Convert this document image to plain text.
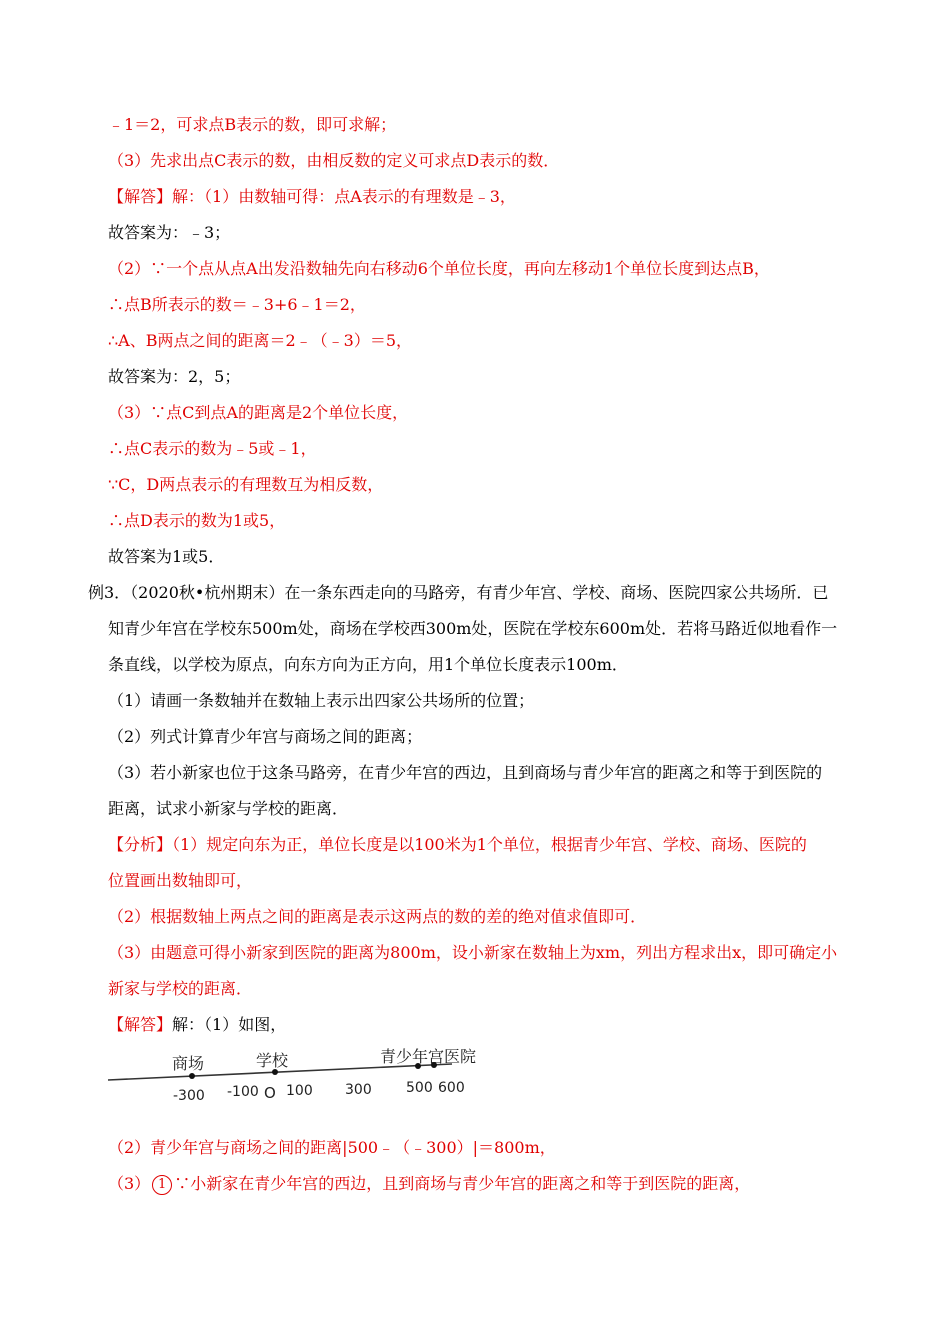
﹣1＝2，可求点B表示的数，即可求解；
（3）先求出点C表示的数，由相反数的定义可求点D表示的数．
【解答】解：（1）由数轴可得：点A表示的有理数是﹣3，
故答案为：﹣3；
（2）∵一个点从点A出发沿数轴先向右移动6个单位长度，再向左移动1个单位长度到达点B，
∴点B所表示的数＝﹣3+6﹣1＝2，
∴A、B两点之间的距离＝2﹣（﹣3）＝5，
故答案为：2，5；
（3）∵点C到点A的距离是2个单位长度，
∴点C表示的数为﹣5或﹣1，
∵C，D两点表示的有理数互为相反数，
∴点D表示的数为1或5，
故答案为1或5．
例3．（2020秋•杭州期末）在一条东西走向的马路旁，有青少年宫、学校、商场、医院四家公共场所．已
知青少年宫在学校东500m处，商场在学校西300m处，医院在学校东600m处．若将马路近似地看作一
条直线，以学校为原点，向东方向为正方向，用1个单位长度表示100m．
（1）请画一条数轴并在数轴上表示出四家公共场所的位置；
（2）列式计算青少年宫与商场之间的距离；
（3）若小新家也位于这条马路旁，在青少年宫的西边，且到商场与青少年宫的距离之和等于到医院的
距离，试求小新家与学校的距离．
【分析】（1）规定向东为正，单位长度是以100米为1个单位，根据青少年宫、学校、商场、医院的
位置画出数轴即可，
（2）根据数轴上两点之间的距离是表示这两点的数的差的绝对值求值即可．
（3）由题意可得小新家到医院的距离为800m，设小新家在数轴上为xm，列出方程求出x，即可确定小
新家与学校的距离．
【解答】解：（1）如图，
商场	学校	青少年宫医院
-300 -100 O 100 300 500 600
（2）青少年宫与商场之间的距离|500﹣（﹣300）|＝800m，
（3） 1 ∵小新家在青少年宫的西边，且到商场与青少年宫的距离之和等于到医院的距离，
